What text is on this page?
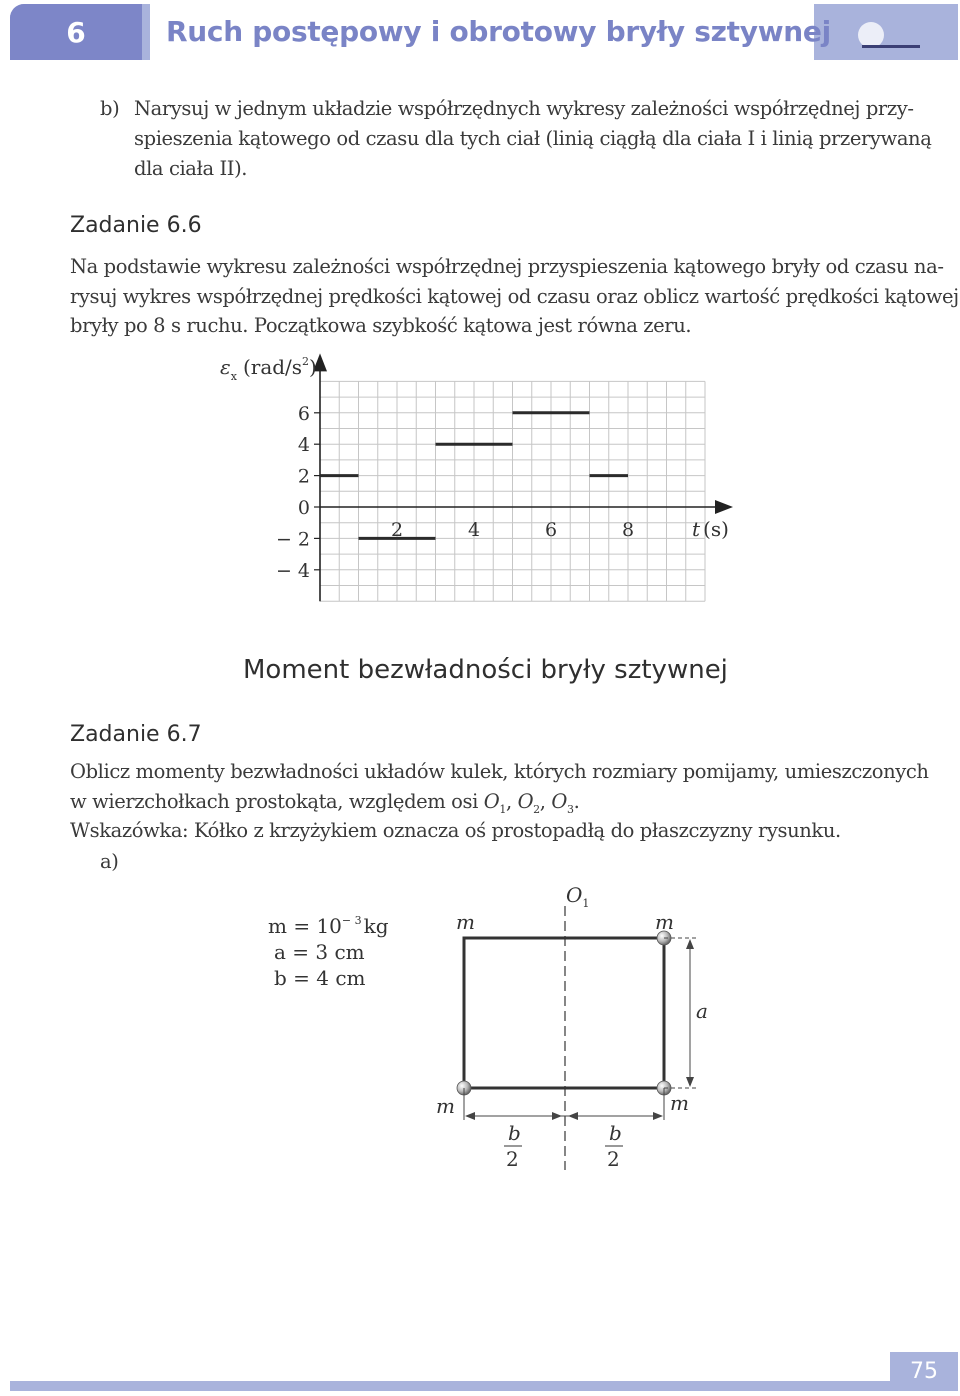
6	Ruch postępowy i obrotowy bryły sztywnej
b) Narysuj w jednym układzie współrzędnych wykresy zależności współrzędnej przy-
spieszenia kątowego od czasu dla tych ciał (linią ciągłą dla ciała I i linią przerywaną
dla ciała II).
Zadanie 6.6
Na podstawie wykresu zależności współrzędnej przyspieszenia kątowego bryły od czasu na-
rysuj wykres współrzędnej prędkości kątowej od czasu oraz oblicz wartość prędkości kątowej
bryły po 8 s ruchu. Początkowa szybkość kątowa jest równa zeru.
6
4
2
0
− 2
− 4
2	4	6	8
$\varepsilon_x$ $(rad/s^2)$
t (s)
Moment bezwładności bryły sztywnej
Zadanie 6.7
Oblicz momenty bezwładności układów kulek, których rozmiary pomijamy, umieszczonych
w wierzchołkach prostokąta, względem osi $O_1$, $O_2$, $O_3$.
Wskazówka: Kółko z krzyżykiem oznacza oś prostopadłą do płaszczyzny rysunku.
a)
$m = 10^{- 3}$ kg
a = 3 cm
b = 4 cm
$O_1$
m	m
m	m
a
b
2
b
2
75
